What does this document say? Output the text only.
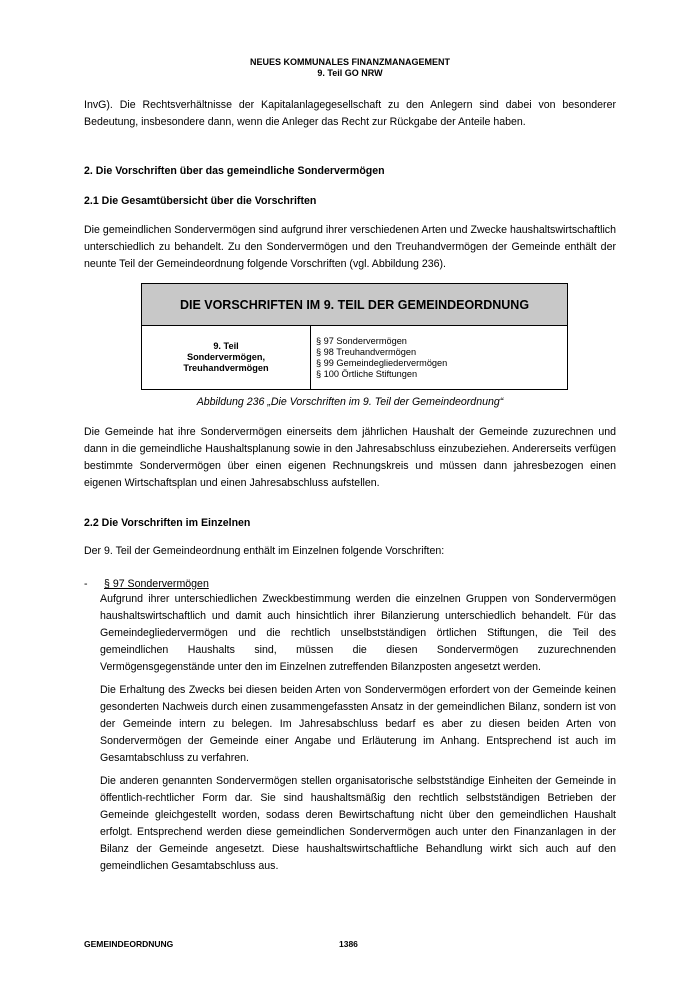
NEUES KOMMUNALES FINANZMANAGEMENT
9. Teil GO NRW

InvG). Die Rechtsverhältnisse der Kapitalanlagegesellschaft zu den Anlegern sind dabei von besonderer Bedeutung, insbesondere dann, wenn die Anleger das Recht zur Rückgabe der Anteile haben.

2. Die Vorschriften über das gemeindliche Sondervermögen

2.1 Die Gesamtübersicht über die Vorschriften

Die gemeindlichen Sondervermögen sind aufgrund ihrer verschiedenen Arten und Zwecke haushaltswirtschaftlich unterschiedlich zu behandelt. Zu den Sondervermögen und den Treuhandvermögen der Gemeinde enthält der neunte Teil der Gemeindeordnung folgende Vorschriften (vgl. Abbildung 236).

DIE VORSCHRIFTEN IM 9. TEIL DER GEMEINDEORDNUNG

9. Teil
Sondervermögen,
Treuhandvermögen

§ 97 Sondervermögen
§ 98 Treuhandvermögen
§ 99 Gemeindegliedervermögen
§ 100 Örtliche Stiftungen
Abbildung 236 „Die Vorschriften im 9. Teil der Gemeindeordnung“

Die Gemeinde hat ihre Sondervermögen einerseits dem jährlichen Haushalt der Gemeinde zuzurechnen und dann in die gemeindliche Haushaltsplanung sowie in den Jahresabschluss einzubeziehen. Andererseits verfügen bestimmte Sondervermögen über einen eigenen Rechnungskreis und müssen dann jahresbezogen einen eigenen Wirtschaftsplan und einen Jahresabschluss aufstellen.

2.2 Die Vorschriften im Einzelnen

Der 9. Teil der Gemeindeordnung enthält im Einzelnen folgende Vorschriften:

- § 97 Sondervermögen

Aufgrund ihrer unterschiedlichen Zweckbestimmung werden die einzelnen Gruppen von Sondervermögen haushaltswirtschaftlich und damit auch hinsichtlich ihrer Bilanzierung unterschiedlich behandelt. Für das Gemeindegliedervermögen und die rechtlich unselbstständigen örtlichen Stiftungen, die Teil des gemeindlichen Haushalts sind, müssen die diesen Sondervermögen zuzurechnenden Vermögensgegenstände unter den im Einzelnen zutreffenden Bilanzposten angesetzt werden.

Die Erhaltung des Zwecks bei diesen beiden Arten von Sondervermögen erfordert von der Gemeinde keinen gesonderten Nachweis durch einen zusammengefassten Ansatz in der gemeindlichen Bilanz, sondern ist von der Gemeinde intern zu belegen. Im Jahresabschluss bedarf es aber zu diesen beiden Arten von Sondervermögen der Gemeinde einer Angabe und Erläuterung im Anhang. Entsprechend ist auch im Gesamtabschluss zu verfahren.

Die anderen genannten Sondervermögen stellen organisatorische selbstständige Einheiten der Gemeinde in öffentlich-rechtlicher Form dar. Sie sind haushaltsmäßig den rechtlich selbstständigen Betrieben der Gemeinde gleichgestellt worden, sodass deren Bewirtschaftung nicht über den gemeindlichen Haushalt erfolgt. Entsprechend werden diese gemeindlichen Sondervermögen auch unter den Finanzanlagen in der Bilanz der Gemeinde angesetzt. Diese haushaltswirtschaftliche Behandlung wirkt sich auch auf den gemeindlichen Gesamtabschluss aus.

GEMEINDEORDNUNG	1386
